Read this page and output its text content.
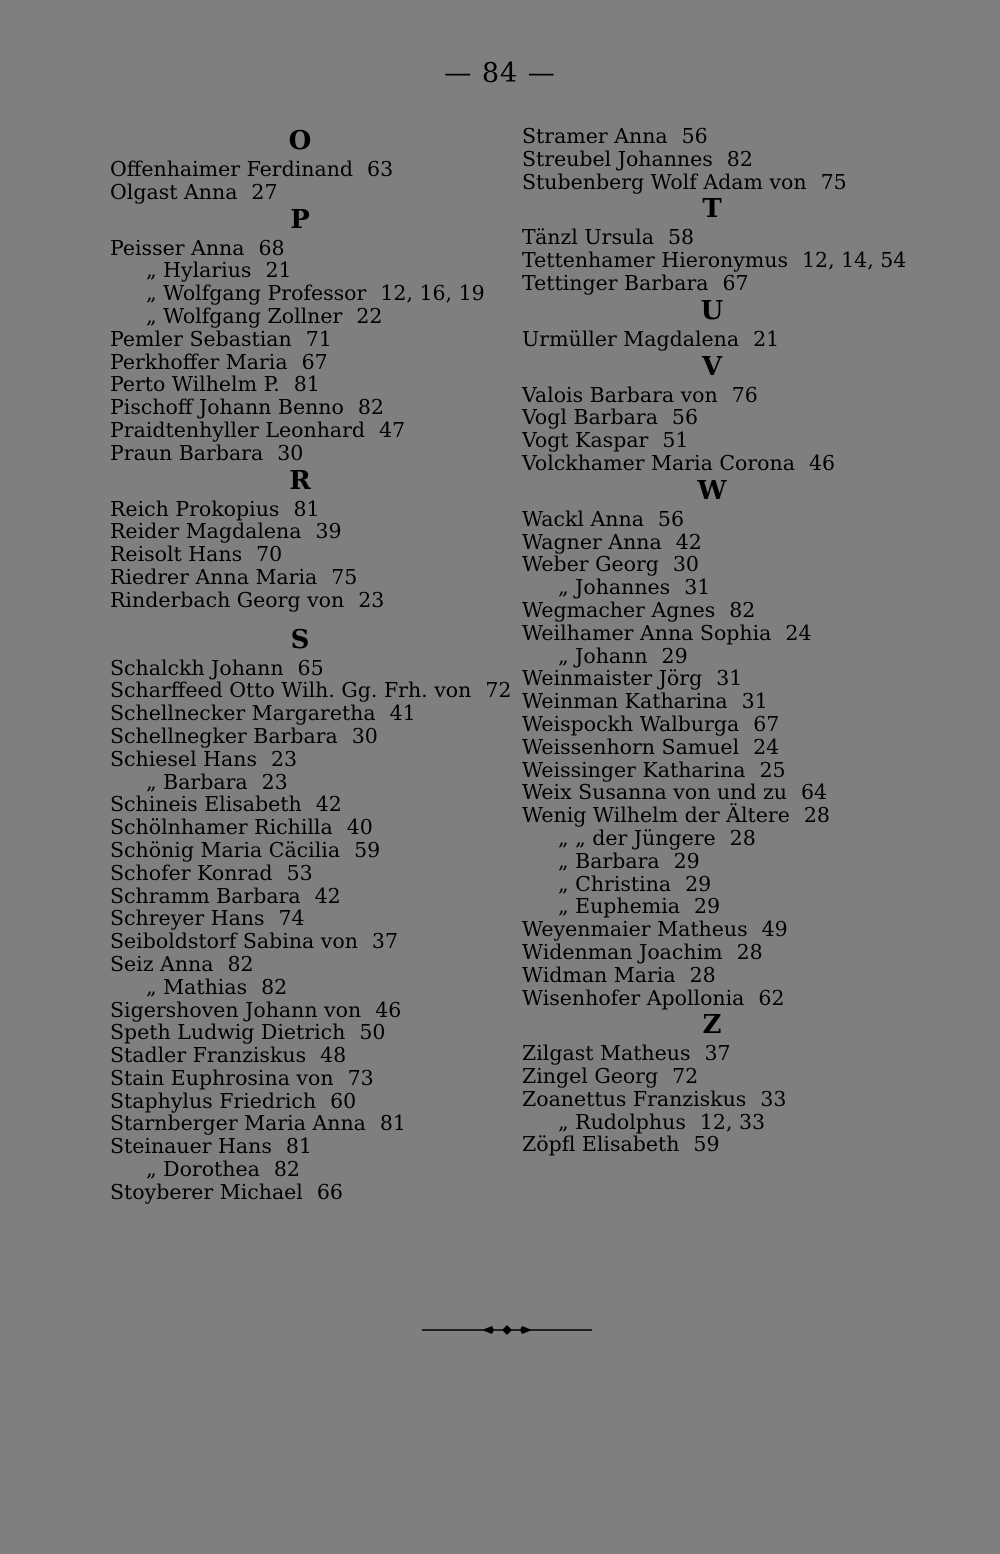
— 84 —
O
Offenhaimer Ferdinand 63
Olgast Anna 27
P
Peisser Anna 68
„ Hylarius 21
„ Wolfgang Professor 12, 16, 19
„ Wolfgang Zollner 22
Pemler Sebastian 71
Perkhoffer Maria 67
Perto Wilhelm P. 81
Pischoff Johann Benno 82
Praidtenhyller Leonhard 47
Praun Barbara 30
R
Reich Prokopius 81
Reider Magdalena 39
Reisolt Hans 70
Riedrer Anna Maria 75
Rinderbach Georg von 23
S
Schalckh Johann 65
Scharffeed Otto Wilh. Gg. Frh. von 72
Schellnecker Margaretha 41
Schellnegker Barbara 30
Schiesel Hans 23
„ Barbara 23
Schineis Elisabeth 42
Schölnhamer Richilla 40
Schönig Maria Cäcilia 59
Schofer Konrad 53
Schramm Barbara 42
Schreyer Hans 74
Seiboldstorf Sabina von 37
Seiz Anna 82
„ Mathias 82
Sigershoven Johann von 46
Speth Ludwig Dietrich 50
Stadler Franziskus 48
Stain Euphrosina von 73
Staphylus Friedrich 60
Starnberger Maria Anna 81
Steinauer Hans 81
„ Dorothea 82
Stoyberer Michael 66
Stramer Anna 56
Streubel Johannes 82
Stubenberg Wolf Adam von 75
T
Tänzl Ursula 58
Tettenhamer Hieronymus 12, 14, 54
Tettinger Barbara 67
U
Urmüller Magdalena 21
V
Valois Barbara von 76
Vogl Barbara 56
Vogt Kaspar 51
Volckhamer Maria Corona 46
W
Wackl Anna 56
Wagner Anna 42
Weber Georg 30
„ Johannes 31
Wegmacher Agnes 82
Weilhamer Anna Sophia 24
„ Johann 29
Weinmaister Jörg 31
Weinman Katharina 31
Weispockh Walburga 67
Weissenhorn Samuel 24
Weissinger Katharina 25
Weix Susanna von und zu 64
Wenig Wilhelm der Ältere 28
„ „ der Jüngere 28
„ Barbara 29
„ Christina 29
„ Euphemia 29
Weyenmaier Matheus 49
Widenman Joachim 28
Widman Maria 28
Wisenhofer Apollonia 62
Z
Zilgast Matheus 37
Zingel Georg 72
Zoanettus Franziskus 33
„ Rudolphus 12, 33
Zöpfl Elisabeth 59
